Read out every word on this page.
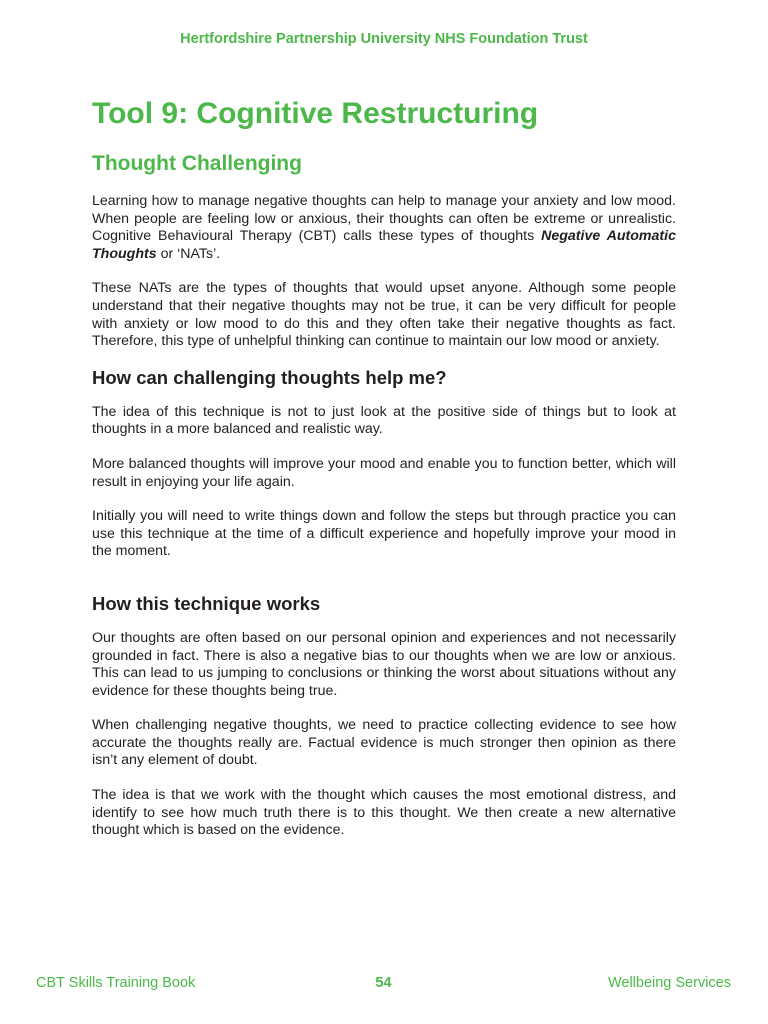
Hertfordshire Partnership University NHS Foundation Trust
Tool 9: Cognitive Restructuring
Thought Challenging

Learning how to manage negative thoughts can help to manage your anxiety and low mood. When people are feeling low or anxious, their thoughts can often be extreme or unrealistic. Cognitive Behavioural Therapy (CBT) calls these types of thoughts Negative Automatic Thoughts or ‘NATs’.

These NATs are the types of thoughts that would upset anyone. Although some people understand that their negative thoughts may not be true, it can be very difficult for people with anxiety or low mood to do this and they often take their negative thoughts as fact. Therefore, this type of unhelpful thinking can continue to maintain our low mood or anxiety.

How can challenging thoughts help me?

The idea of this technique is not to just look at the positive side of things but to look at thoughts in a more balanced and realistic way.

More balanced thoughts will improve your mood and enable you to function better, which will result in enjoying your life again.

Initially you will need to write things down and follow the steps but through practice you can use this technique at the time of a difficult experience and hopefully improve your mood in the moment.

How this technique works

Our thoughts are often based on our personal opinion and experiences and not necessarily grounded in fact. There is also a negative bias to our thoughts when we are low or anxious. This can lead to us jumping to conclusions or thinking the worst about situations without any evidence for these thoughts being true.

When challenging negative thoughts, we need to practice collecting evidence to see how accurate the thoughts really are. Factual evidence is much stronger then opinion as there isn’t any element of doubt.

The idea is that we work with the thought which causes the most emotional distress, and identify to see how much truth there is to this thought. We then create a new alternative thought which is based on the evidence.

CBT Skills Training Book	54	Wellbeing Services
